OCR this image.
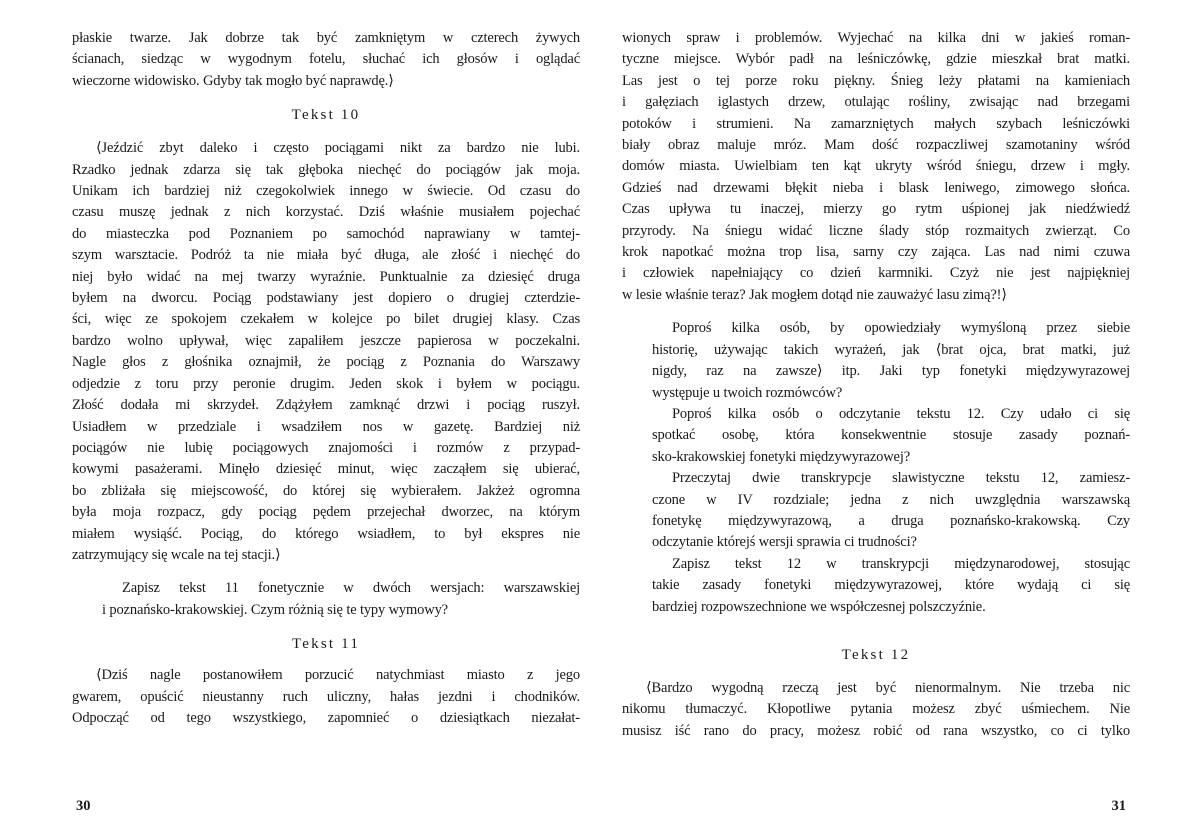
płaskie twarze. Jak dobrze tak być zamkniętym w czterech żywych

ścianach, siedząc w wygodnym fotelu, słuchać ich głosów i oglądać

wieczorne widowisko. Gdyby tak mogło być naprawdę.⟩

Tekst 10

⟨Jeździć zbyt daleko i często pociągami nikt za bardzo nie lubi.

Rzadko jednak zdarza się tak głęboka niechęć do pociągów jak moja.

Unikam ich bardziej niż czegokolwiek innego w świecie. Od czasu do

czasu muszę jednak z nich korzystać. Dziś właśnie musiałem pojechać

do miasteczka pod Poznaniem po samochód naprawiany w tamtej-

szym warsztacie. Podróż ta nie miała być długa, ale złość i niechęć do

niej było widać na mej twarzy wyraźnie. Punktualnie za dziesięć druga

byłem na dworcu. Pociąg podstawiany jest dopiero o drugiej czterdzie-

ści, więc ze spokojem czekałem w kolejce po bilet drugiej klasy. Czas

bardzo wolno upływał, więc zapaliłem jeszcze papierosa w poczekalni.

Nagle głos z głośnika oznajmił, że pociąg z Poznania do Warszawy

odjedzie z toru przy peronie drugim. Jeden skok i byłem w pociągu.

Złość dodała mi skrzydeł. Zdążyłem zamknąć drzwi i pociąg ruszył.

Usiadłem w przedziale i wsadziłem nos w gazetę. Bardziej niż

pociągów nie lubię pociągowych znajomości i rozmów z przypad-

kowymi pasażerami. Minęło dziesięć minut, więc zacząłem się ubierać,

bo zbliżała się miejscowość, do której się wybierałem. Jakżeż ogromna

była moja rozpacz, gdy pociąg pędem przejechał dworzec, na którym

miałem wysiąść. Pociąg, do którego wsiadłem, to był ekspres nie

zatrzymujący się wcale na tej stacji.⟩

Zapisz tekst 11 fonetycznie w dwóch wersjach: warszawskiej

i poznańsko-krakowskiej. Czym różnią się te typy wymowy?

Tekst 11

⟨Dziś nagle postanowiłem porzucić natychmiast miasto z jego

gwarem, opuścić nieustanny ruch uliczny, hałas jezdni i chodników.

Odpocząć od tego wszystkiego, zapomnieć o dziesiątkach niezałat-

30

wionych spraw i problemów. Wyjechać na kilka dni w jakieś roman-

tyczne miejsce. Wybór padł na leśniczówkę, gdzie mieszkał brat matki.

Las jest o tej porze roku piękny. Śnieg leży płatami na kamieniach

i gałęziach iglastych drzew, otulając rośliny, zwisając nad brzegami

potoków i strumieni. Na zamarzniętych małych szybach leśniczówki

biały obraz maluje mróz. Mam dość rozpaczliwej szamotaniny wśród

domów miasta. Uwielbiam ten kąt ukryty wśród śniegu, drzew i mgły.

Gdzieś nad drzewami błękit nieba i blask leniwego, zimowego słońca.

Czas upływa tu inaczej, mierzy go rytm uśpionej jak niedźwiedź

przyrody. Na śniegu widać liczne ślady stóp rozmaitych zwierząt. Co

krok napotkać można trop lisa, sarny czy zająca. Las nad nimi czuwa

i człowiek napełniający co dzień karmniki. Czyż nie jest najpiękniej

w lesie właśnie teraz? Jak mogłem dotąd nie zauważyć lasu zimą?!⟩

Poproś kilka osób, by opowiedziały wymyśloną przez siebie

historię, używając takich wyrażeń, jak ⟨brat ojca, brat matki, już

nigdy, raz na zawsze⟩ itp. Jaki typ fonetyki międzywyrazowej

występuje u twoich rozmówców?

Poproś kilka osób o odczytanie tekstu 12. Czy udało ci się

spotkać osobę, która konsekwentnie stosuje zasady poznań-

sko-krakowskiej fonetyki międzywyrazowej?

Przeczytaj dwie transkrypcje slawistyczne tekstu 12, zamiesz-

czone w IV rozdziale; jedna z nich uwzględnia warszawską

fonetykę międzywyrazową, a druga poznańsko-krakowską. Czy

odczytanie którejś wersji sprawia ci trudności?

Zapisz tekst 12 w transkrypcji międzynarodowej, stosując

takie zasady fonetyki międzywyrazowej, które wydają ci się

bardziej rozpowszechnione we współczesnej polszczyźnie.

Tekst 12

⟨Bardzo wygodną rzeczą jest być nienormalnym. Nie trzeba nic

nikomu tłumaczyć. Kłopotliwe pytania możesz zbyć uśmiechem. Nie

musisz iść rano do pracy, możesz robić od rana wszystko, co ci tylko

31
